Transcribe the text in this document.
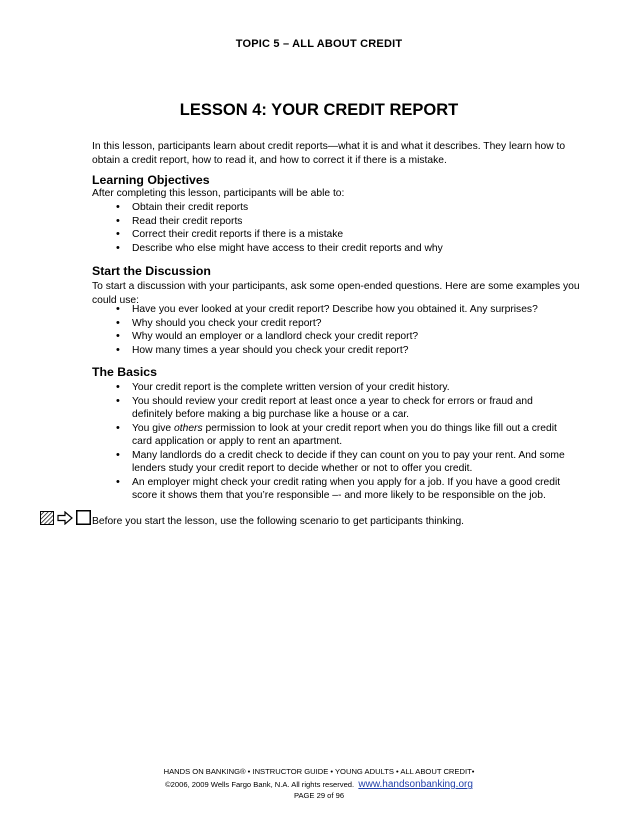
TOPIC 5 – ALL ABOUT CREDIT
LESSON 4: YOUR CREDIT REPORT
In this lesson, participants learn about credit reports—what it is and what it describes. They learn how to obtain a credit report, how to read it, and how to correct it if there is a mistake.
Learning Objectives
After completing this lesson, participants will be able to:
• Obtain their credit reports
• Read their credit reports
• Correct their credit reports if there is a mistake
• Describe who else might have access to their credit reports and why
Start the Discussion
To start a discussion with your participants, ask some open-ended questions. Here are some examples you could use:
• Have you ever looked at your credit report? Describe how you obtained it. Any surprises?
• Why should you check your credit report?
• Why would an employer or a landlord check your credit report?
• How many times a year should you check your credit report?
The Basics
• Your credit report is the complete written version of your credit history.
• You should review your credit report at least once a year to check for errors or fraud and definitely before making a big purchase like a house or a car.
• You give others permission to look at your credit report when you do things like fill out a credit card application or apply to rent an apartment.
• Many landlords do a credit check to decide if they can count on you to pay your rent. And some lenders study your credit report to decide whether or not to offer you credit.
• An employer might check your credit rating when you apply for a job. If you have a good credit score it shows them that you’re responsible –- and more likely to be responsible on the job.
Before you start the lesson, use the following scenario to get participants thinking.
HANDS ON BANKING® • INSTRUCTOR GUIDE • YOUNG ADULTS • ALL ABOUT CREDIT•
©2006, 2009 Wells Fargo Bank, N.A. All rights reserved. www.handsonbanking.org
PAGE 29 of 96
